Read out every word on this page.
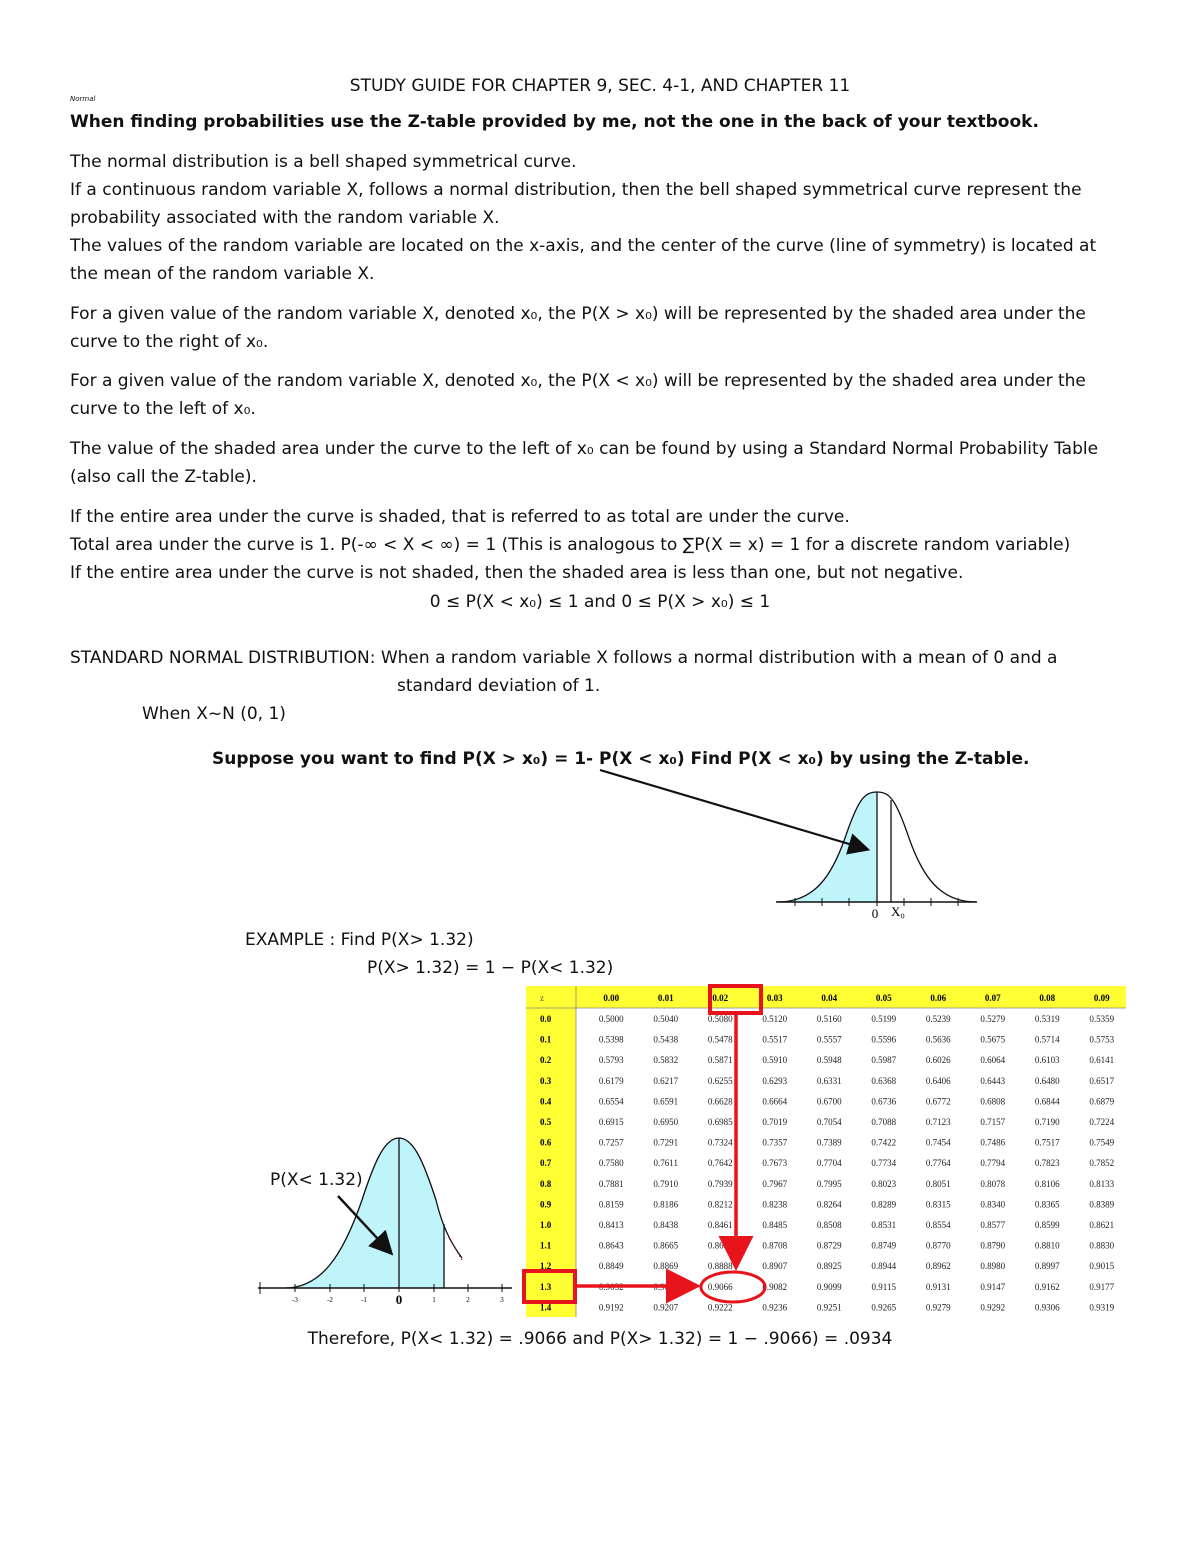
STUDY GUIDE FOR CHAPTER 9, SEC. 4-1, AND CHAPTER 11
Normal
When finding probabilities use the Z-table provided by me, not the one in the back of your textbook.
The normal distribution is a bell shaped symmetrical curve.
If a continuous random variable X, follows a normal distribution, then the bell shaped symmetrical curve represent the
probability associated with the random variable X.
The values of the random variable are located on the x-axis, and the center of the curve (line of symmetry) is located at
the mean of the random variable X.
For a given value of the random variable X, denoted x₀, the P(X > x₀) will be represented by the shaded area under the
curve to the right of x₀.
For a given value of the random variable X, denoted x₀, the P(X < x₀) will be represented by the shaded area under the
curve to the left of x₀.
The value of the shaded area under the curve to the left of x₀ can be found by using a Standard Normal Probability Table
(also call the Z-table).
If the entire area under the curve is shaded, that is referred to as total are under the curve.
Total area under the curve is 1. P(-∞ < X < ∞) = 1 (This is analogous to ∑P(X = x) = 1 for a discrete random variable)
If the entire area under the curve is not shaded, then the shaded area is less than one, but not negative.
0 ≤ P(X < x₀) ≤ 1 and 0 ≤ P(X > x₀) ≤ 1
STANDARD NORMAL DISTRIBUTION: When a random variable X follows a normal distribution with a mean of 0 and a
standard deviation of 1.
When X~N (0, 1)
Suppose you want to find P(X > x₀) = 1- P(X < x₀) Find P(X < x₀) by using the Z-table.
0 X₀
EXAMPLE : Find P(X> 1.32)
P(X> 1.32) = 1 − P(X< 1.32)
-3	-2	-1 0	1	2	3
P(X< 1.32)
z	0.00	0.01	0.02	0.03	0.04	0.05	0.06	0.07	0.08	0.09
0.0	0.5000	0.5040	0.5080	0.5120	0.5160	0.5199	0.5239	0.5279	0.5319	0.5359
0.1	0.5398	0.5438	0.5478	0.5517	0.5557	0.5596	0.5636	0.5675	0.5714	0.5753
0.2	0.5793	0.5832	0.5871	0.5910	0.5948	0.5987	0.6026	0.6064	0.6103	0.6141
0.3	0.6179	0.6217	0.6255	0.6293	0.6331	0.6368	0.6406	0.6443	0.6480	0.6517
0.4	0.6554	0.6591	0.6628	0.6664	0.6700	0.6736	0.6772	0.6808	0.6844	0.6879
0.5	0.6915	0.6950	0.6985	0.7019	0.7054	0.7088	0.7123	0.7157	0.7190	0.7224
0.6	0.7257	0.7291	0.7324	0.7357	0.7389	0.7422	0.7454	0.7486	0.7517	0.7549
0.7	0.7580	0.7611	0.7642	0.7673	0.7704	0.7734	0.7764	0.7794	0.7823	0.7852
0.8	0.7881	0.7910	0.7939	0.7967	0.7995	0.8023	0.8051	0.8078	0.8106	0.8133
0.9	0.8159	0.8186	0.8212	0.8238	0.8264	0.8289	0.8315	0.8340	0.8365	0.8389
1.0	0.8413	0.8438	0.8461	0.8485	0.8508	0.8531	0.8554	0.8577	0.8599	0.8621
1.1	0.8643	0.8665	0.8686	0.8708	0.8729	0.8749	0.8770	0.8790	0.8810	0.8830
1.2	0.8849	0.8869	0.8888	0.8907	0.8925	0.8944	0.8962	0.8980	0.8997	0.9015
1.3	0.9032	0.9049	0.9066	0.9082	0.9099	0.9115	0.9131	0.9147	0.9162	0.9177
1.4	0.9192	0.9207	0.9222	0.9236	0.9251	0.9265	0.9279	0.9292	0.9306	0.9319
Therefore, P(X< 1.32) = .9066 and P(X> 1.32) = 1 − .9066) = .0934
